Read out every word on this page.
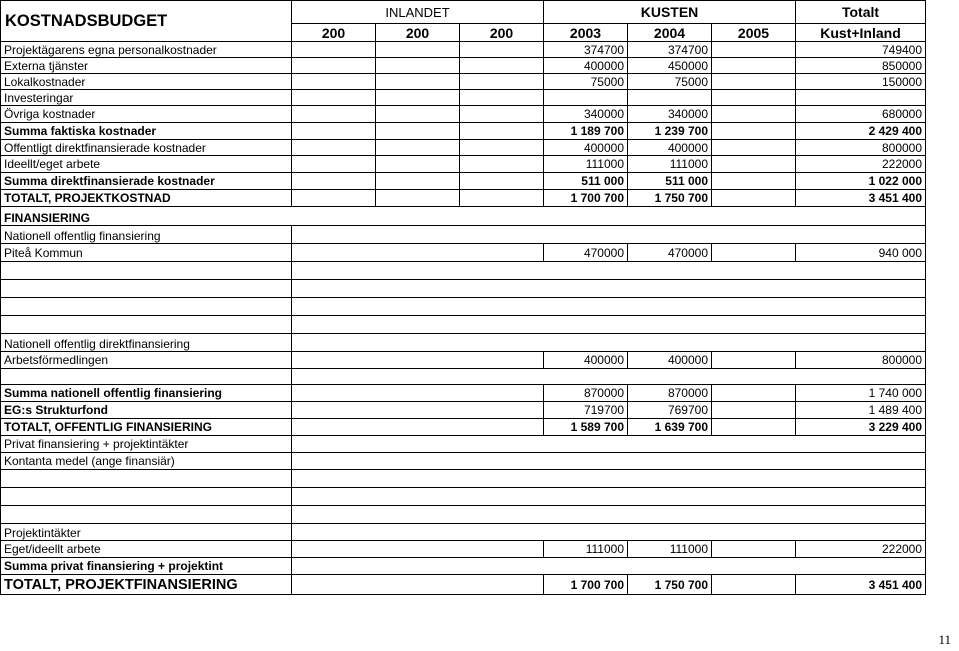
KOSTNADSBUDGET	INLANDET			KUSTEN			Totalt
	200	200	200	2003	2004	2005	Kust+Inland
Projektägarens egna personalkostnader				374700	374700		749400
Externa tjänster				400000	450000		850000
Lokalkostnader				75000	75000		150000
Investeringar							
Övriga kostnader				340000	340000		680000
Summa faktiska kostnader				1 189 700	1 239 700		2 429 400
Offentligt direktfinansierade kostnader				400000	400000		800000
Ideellt/eget arbete				111000	111000		222000
Summa direktfinansierade kostnader				511 000	511 000		1 022 000
TOTALT, PROJEKTKOSTNAD				1 700 700	1 750 700		3 451 400
FINANSIERING							
Nationell offentlig finansiering							
Piteå Kommun				470000	470000		940 000

Nationell offentlig direktfinansiering							
Arbetsförmedlingen				400000	400000		800000

Summa nationell offentlig finansiering				870000	870000		1 740 000
EG:s Strukturfond				719700	769700		1 489 400
TOTALT, OFFENTLIG FINANSIERING				1 589 700	1 639 700		3 229 400
Privat finansiering + projektintäkter							
Kontanta medel (ange finansiär)							

Projektintäkter							
Eget/ideellt arbete				111000	111000		222000
Summa privat finansiering + projektint							
TOTALT, PROJEKTFINANSIERING				1 700 700	1 750 700		3 451 400
11
